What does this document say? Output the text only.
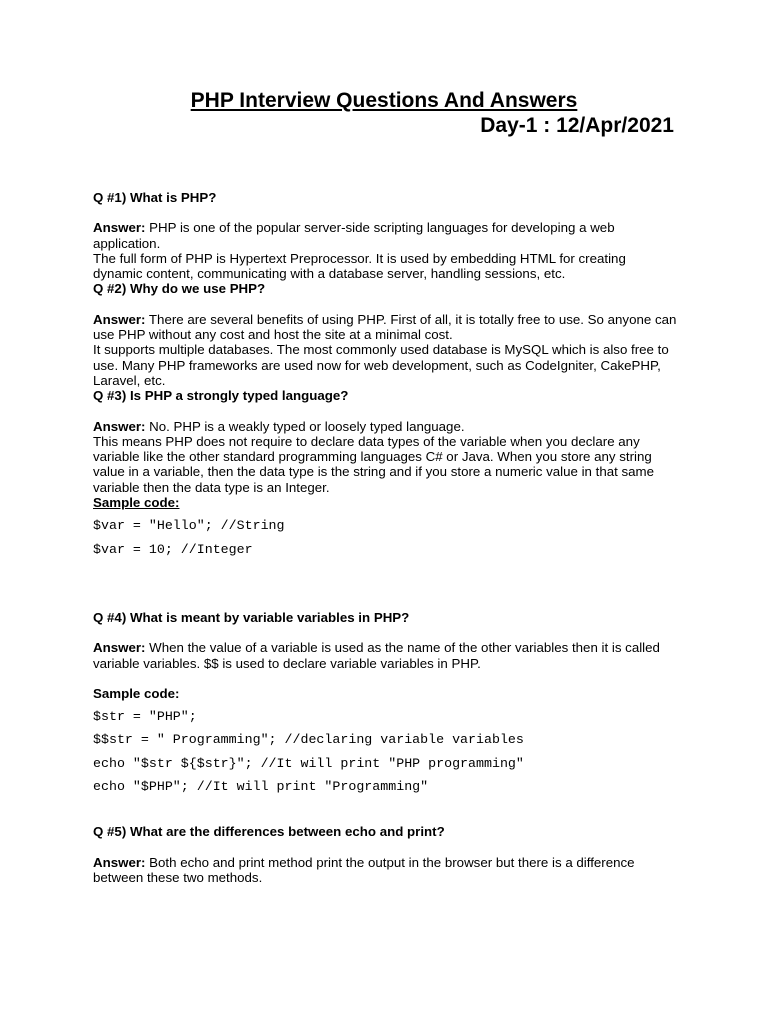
PHP Interview Questions And Answers
Day-1 : 12/Apr/2021

Q #1) What is PHP?

Answer: PHP is one of the popular server-side scripting languages for developing a web application.

The full form of PHP is Hypertext Preprocessor. It is used by embedding HTML for creating dynamic content, communicating with a database server, handling sessions, etc.

Q #2) Why do we use PHP?

Answer: There are several benefits of using PHP. First of all, it is totally free to use. So anyone can use PHP without any cost and host the site at a minimal cost.

It supports multiple databases. The most commonly used database is MySQL which is also free to use. Many PHP frameworks are used now for web development, such as CodeIgniter, CakePHP, Laravel, etc.

Q #3) Is PHP a strongly typed language?

Answer: No. PHP is a weakly typed or loosely typed language.

This means PHP does not require to declare data types of the variable when you declare any variable like the other standard programming languages C# or Java. When you store any string value in a variable, then the data type is the string and if you store a numeric value in that same variable then the data type is an Integer.

Sample code:

$var = "Hello"; //String

$var = 10; //Integer

Q #4) What is meant by variable variables in PHP?

Answer: When the value of a variable is used as the name of the other variables then it is called variable variables. $$ is used to declare variable variables in PHP.

Sample code:

$str = "PHP";

$$str = " Programming"; //declaring variable variables

echo "$str ${$str}"; //It will print "PHP programming"

echo "$PHP"; //It will print "Programming"

Q #5) What are the differences between echo and print?

Answer: Both echo and print method print the output in the browser but there is a difference between these two methods.
